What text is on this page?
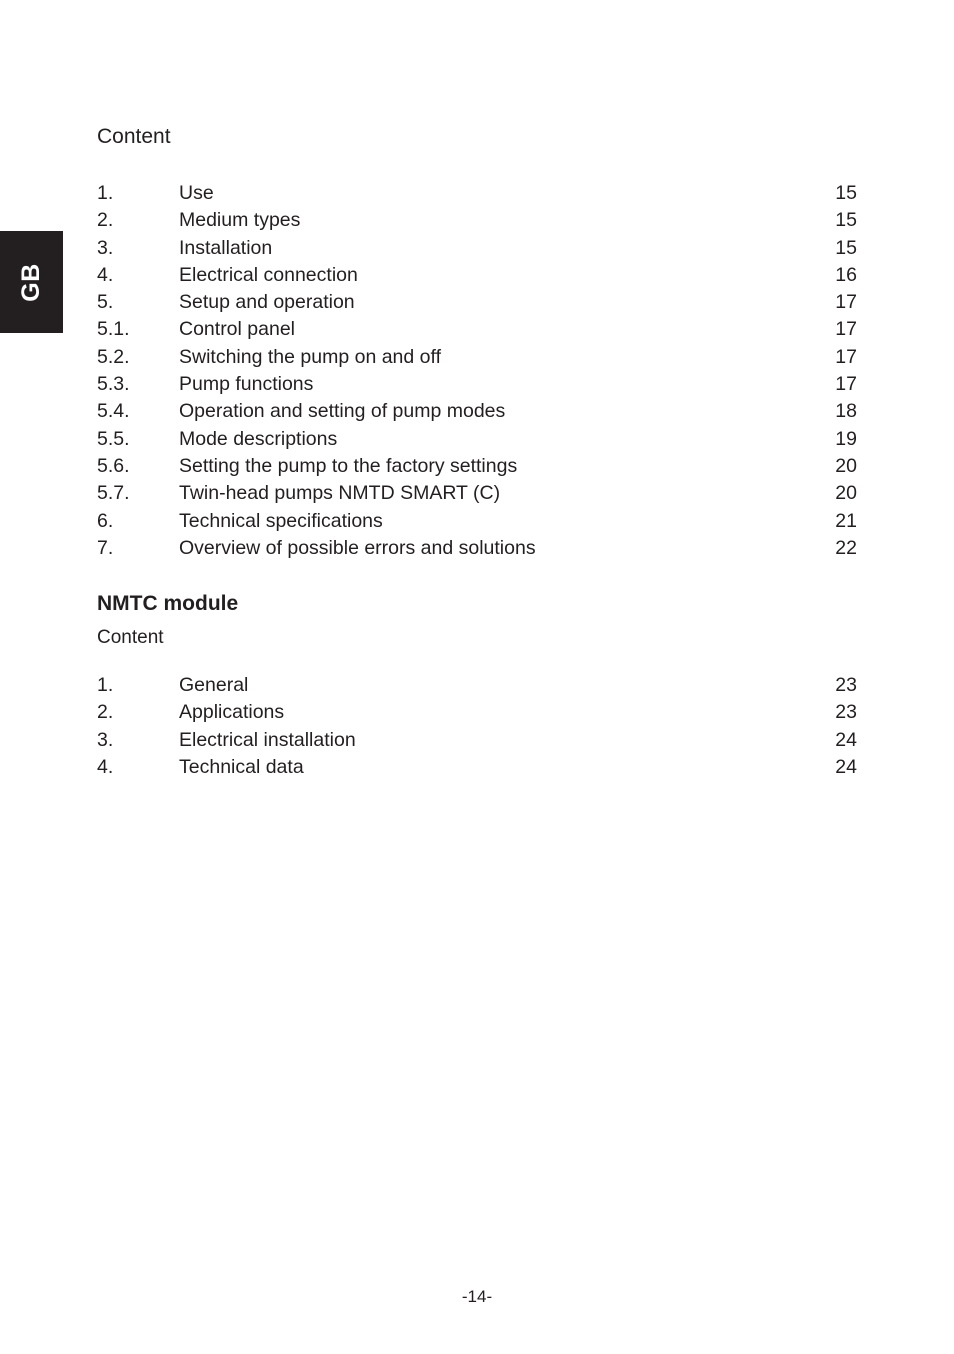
GB
Content
1.	Use	15
2.	Medium types	15
3.	Installation	15
4.	Electrical connection	16
5.	Setup and operation	17
5.1.	Control panel	17
5.2.	Switching the pump on and off	17
5.3.	Pump functions	17
5.4.	Operation and setting of pump modes	18
5.5.	Mode descriptions	19
5.6.	Setting the pump to the factory settings	20
5.7.	Twin-head pumps NMTD SMART (C)	20
6.	Technical specifications	21
7.	Overview of possible errors and solutions	22
NMTC module
Content
1.	General	23
2.	Applications	23
3.	Electrical installation	24
4.	Technical data	24
-14-
